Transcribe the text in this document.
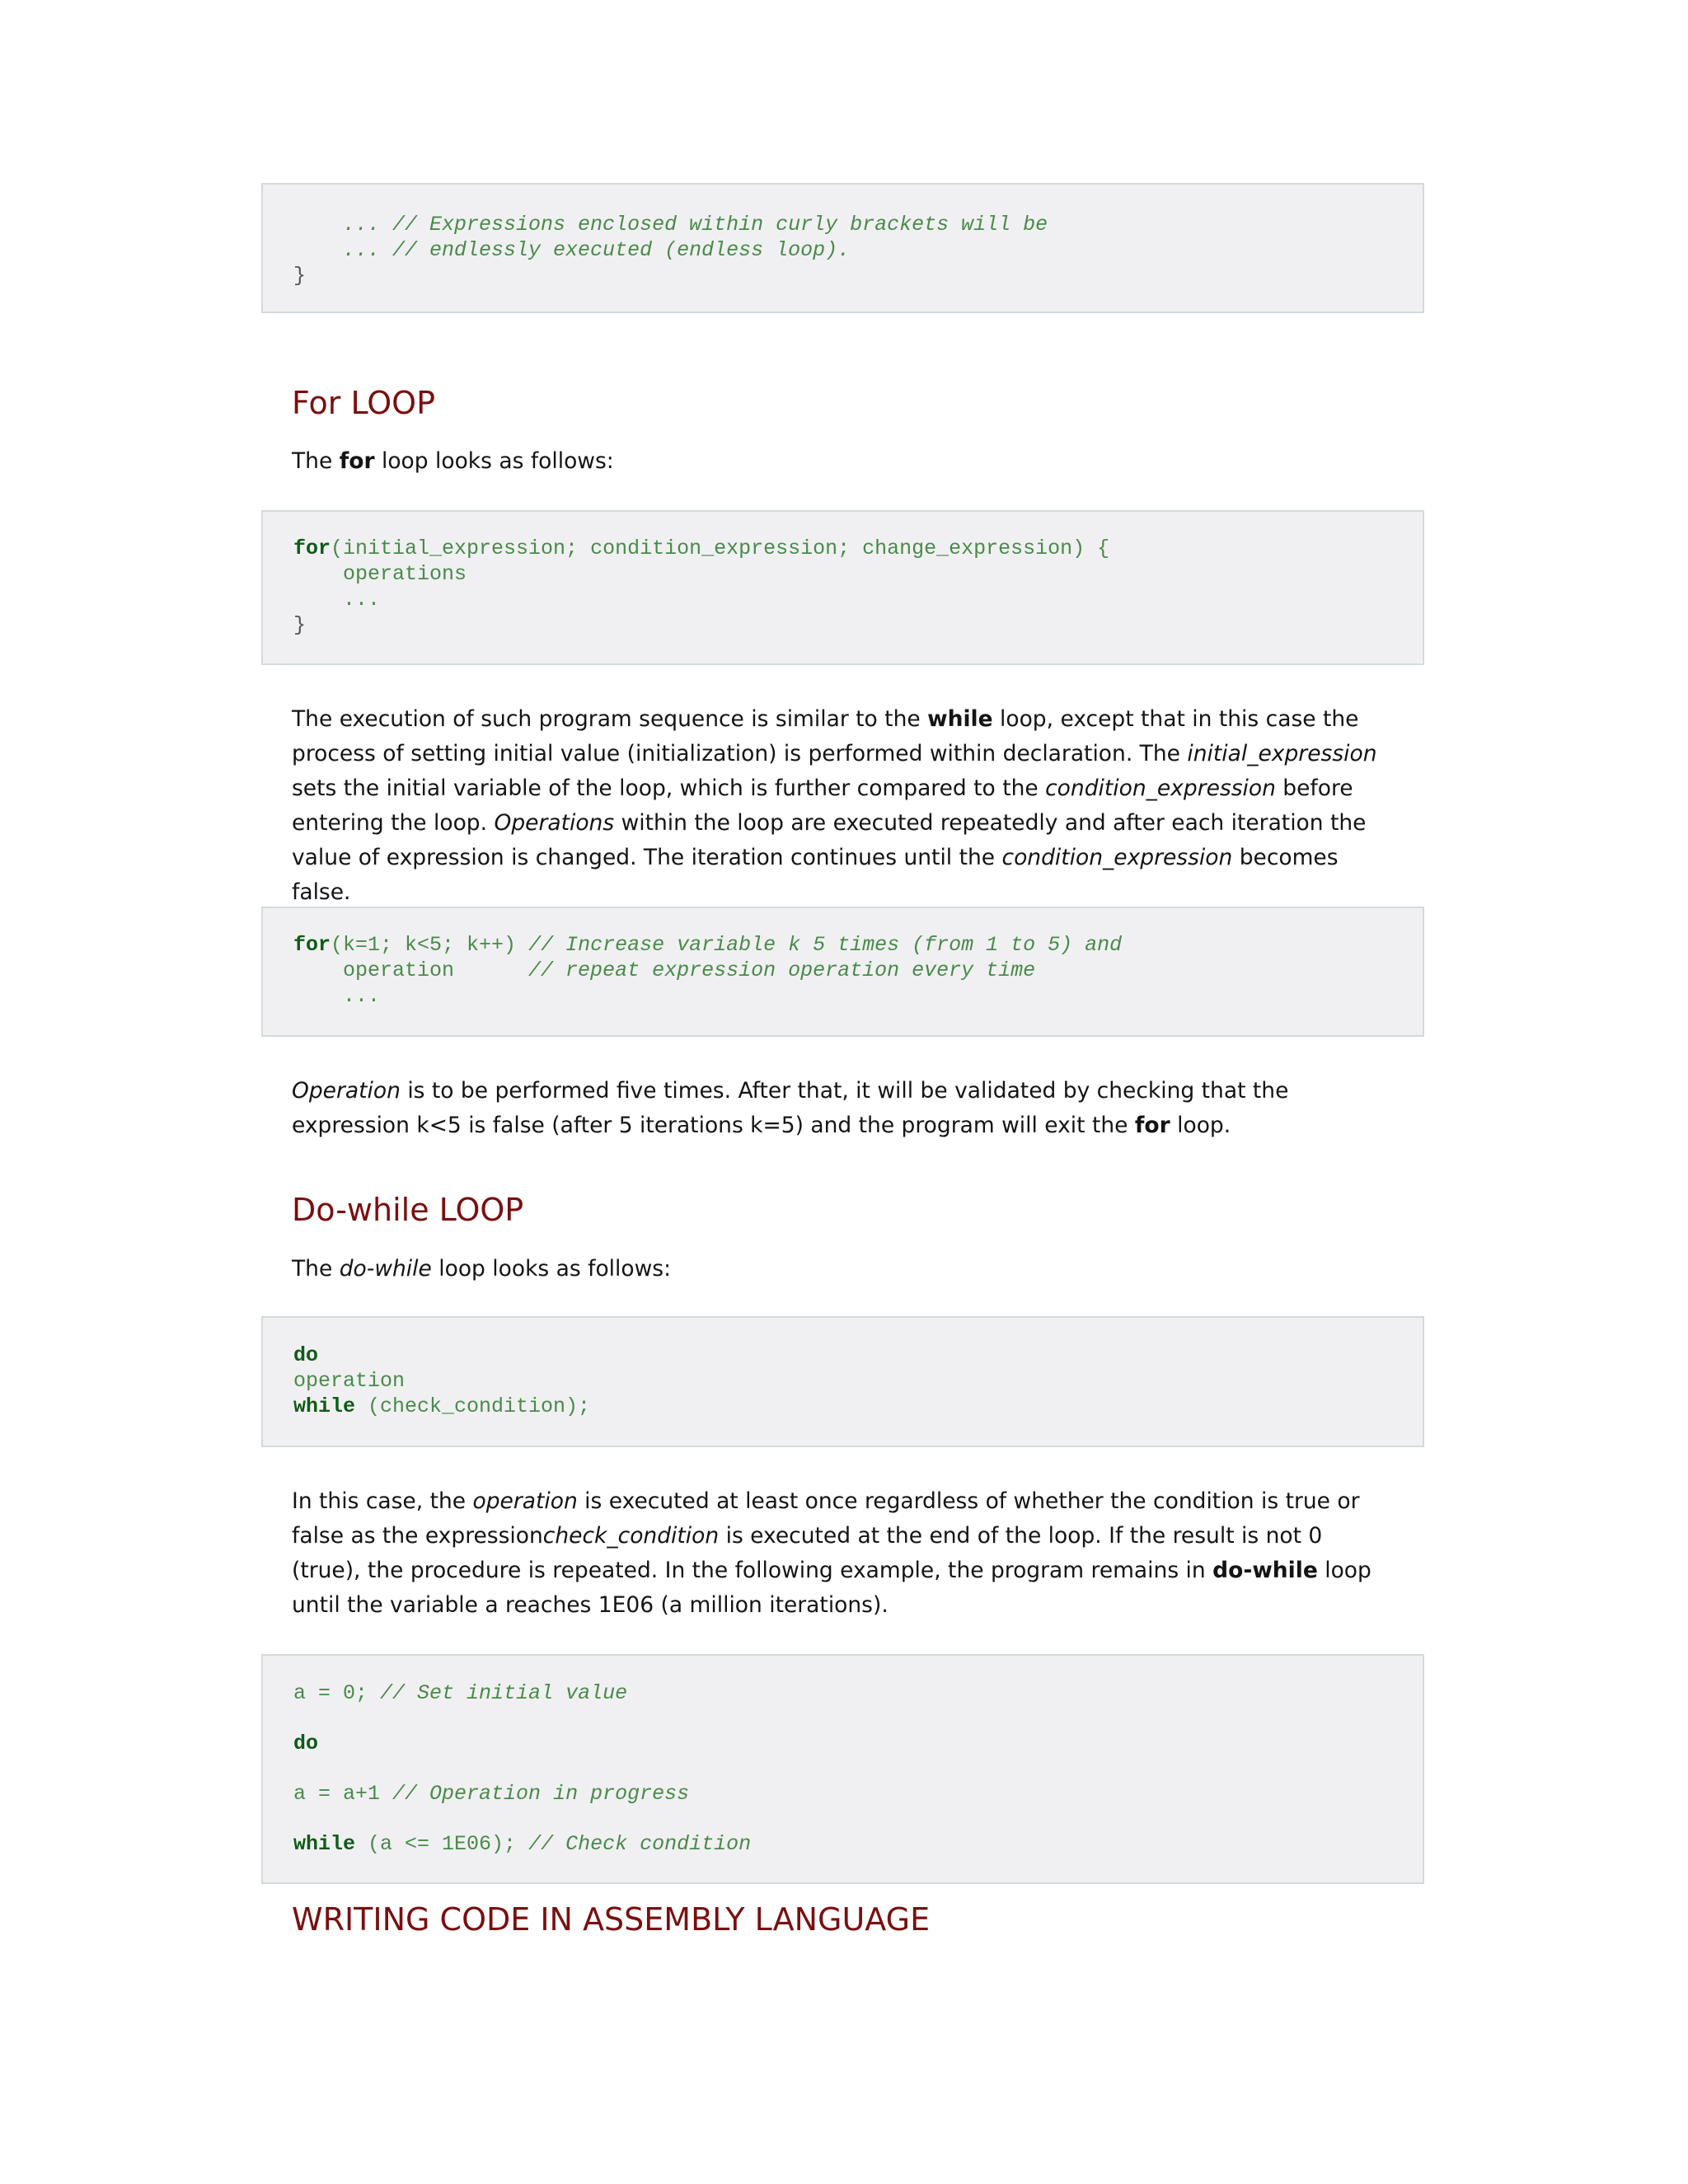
... // Expressions enclosed within curly brackets will be
... // endlessly executed (endless loop).
}
For LOOP
The for loop looks as follows:
for(initial_expression; condition_expression; change_expression) {
operations
...
}
The execution of such program sequence is similar to the while loop, except that in this case the process of setting initial value (initialization) is performed within declaration. The initial_expression sets the initial variable of the loop, which is further compared to the condition_expression before entering the loop. Operations within the loop are executed repeatedly and after each iteration the value of expression is changed. The iteration continues until the condition_expression becomes false.
for(k=1; k<5; k++) // Increase variable k 5 times (from 1 to 5) and
operation      // repeat expression operation every time
...
Operation is to be performed five times. After that, it will be validated by checking that the expression k<5 is false (after 5 iterations k=5) and the program will exit the for loop.
Do-while LOOP
The do-while loop looks as follows:
do
operation
while (check_condition);
In this case, the operation is executed at least once regardless of whether the condition is true or false as the expressioncheck_condition is executed at the end of the loop. If the result is not 0 (true), the procedure is repeated. In the following example, the program remains in do-while loop until the variable a reaches 1E06 (a million iterations).
a = 0; // Set initial value
do
a = a+1 // Operation in progress
while (a <= 1E06); // Check condition
WRITING CODE IN ASSEMBLY LANGUAGE
